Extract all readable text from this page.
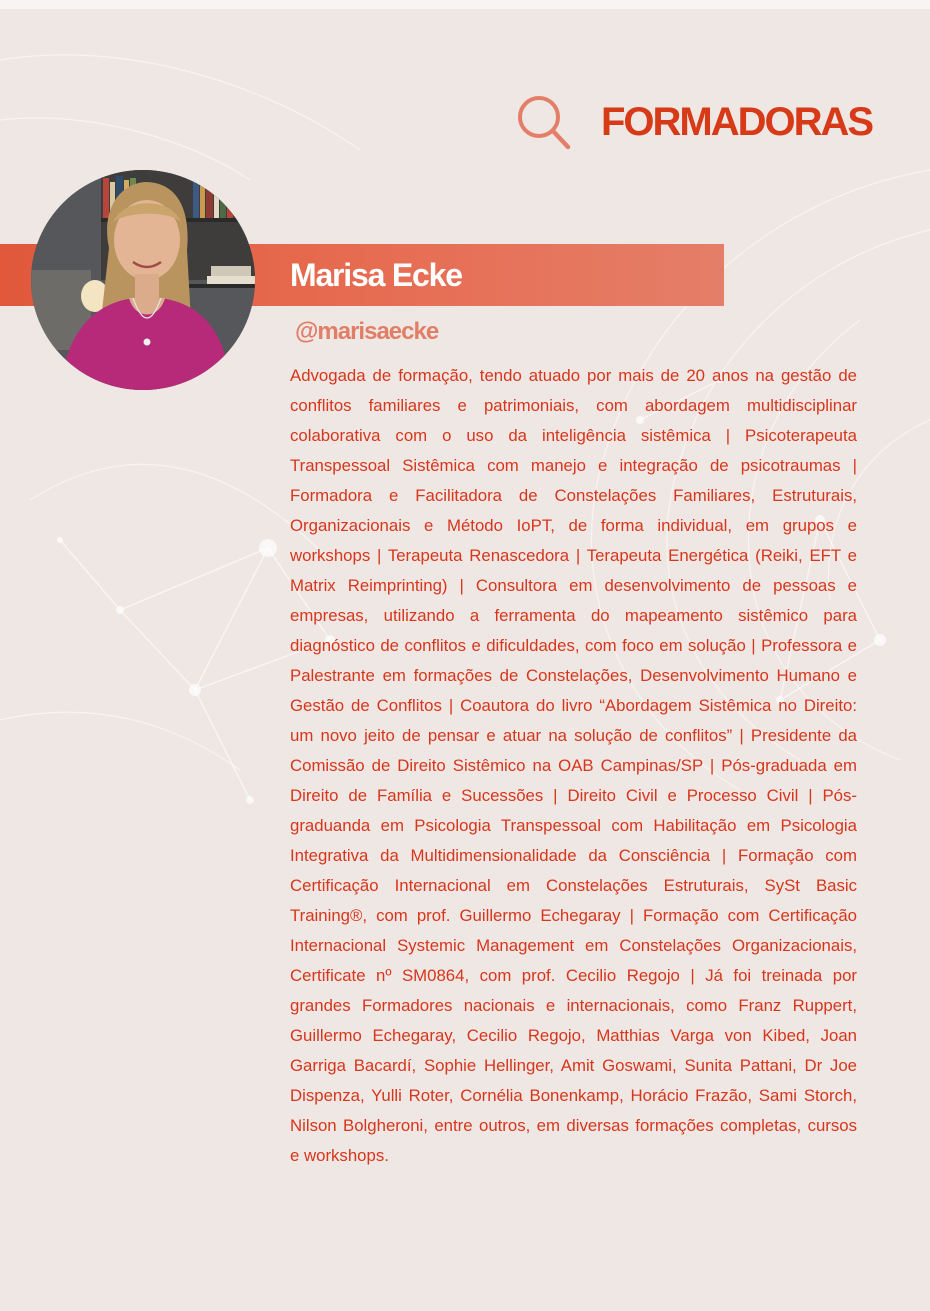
FORMADORAS
Marisa Ecke
@marisaecke

Advogada de formação, tendo atuado por mais de 20 anos na gestão de conflitos familiares e patrimoniais, com abordagem multidisciplinar colaborativa com o uso da inteligência sistêmica | Psicoterapeuta Transpessoal Sistêmica com manejo e integração de psicotraumas | Formadora e Facilitadora de Constelações Familiares, Estruturais, Organizacionais e Método IoPT, de forma individual, em grupos e workshops | Terapeuta Renascedora | Terapeuta Energética (Reiki, EFT e Matrix Reimprinting) | Consultora em desenvolvimento de pessoas e empresas, utilizando a ferramenta do mapeamento sistêmico para diagnóstico de conflitos e dificuldades, com foco em solução | Professora e Palestrante em formações de Constelações, Desenvolvimento Humano e Gestão de Conflitos | Coautora do livro “Abordagem Sistêmica no Direito: um novo jeito de pensar e atuar na solução de conflitos” | Presidente da Comissão de Direito Sistêmico na OAB Campinas/SP | Pós-graduada em Direito de Família e Sucessões | Direito Civil e Processo Civil | Pós-graduanda em Psicologia Transpessoal com Habilitação em Psicologia Integrativa da Multidimensionalidade da Consciência | Formação com Certificação Internacional em Constelações Estruturais, SySt Basic Training®, com prof. Guillermo Echegaray | Formação com Certificação Internacional Systemic Management em Constelações Organizacionais, Certificate nº SM0864, com prof. Cecilio Regojo | Já foi treinada por grandes Formadores nacionais e internacionais, como Franz Ruppert, Guillermo Echegaray, Cecilio Regojo, Matthias Varga von Kibed, Joan Garriga Bacardí, Sophie Hellinger, Amit Goswami, Sunita Pattani, Dr Joe Dispenza, Yulli Roter, Cornélia Bonenkamp, Horácio Frazão, Sami Storch, Nilson Bolgheroni, entre outros, em diversas formações completas, cursos e workshops.
